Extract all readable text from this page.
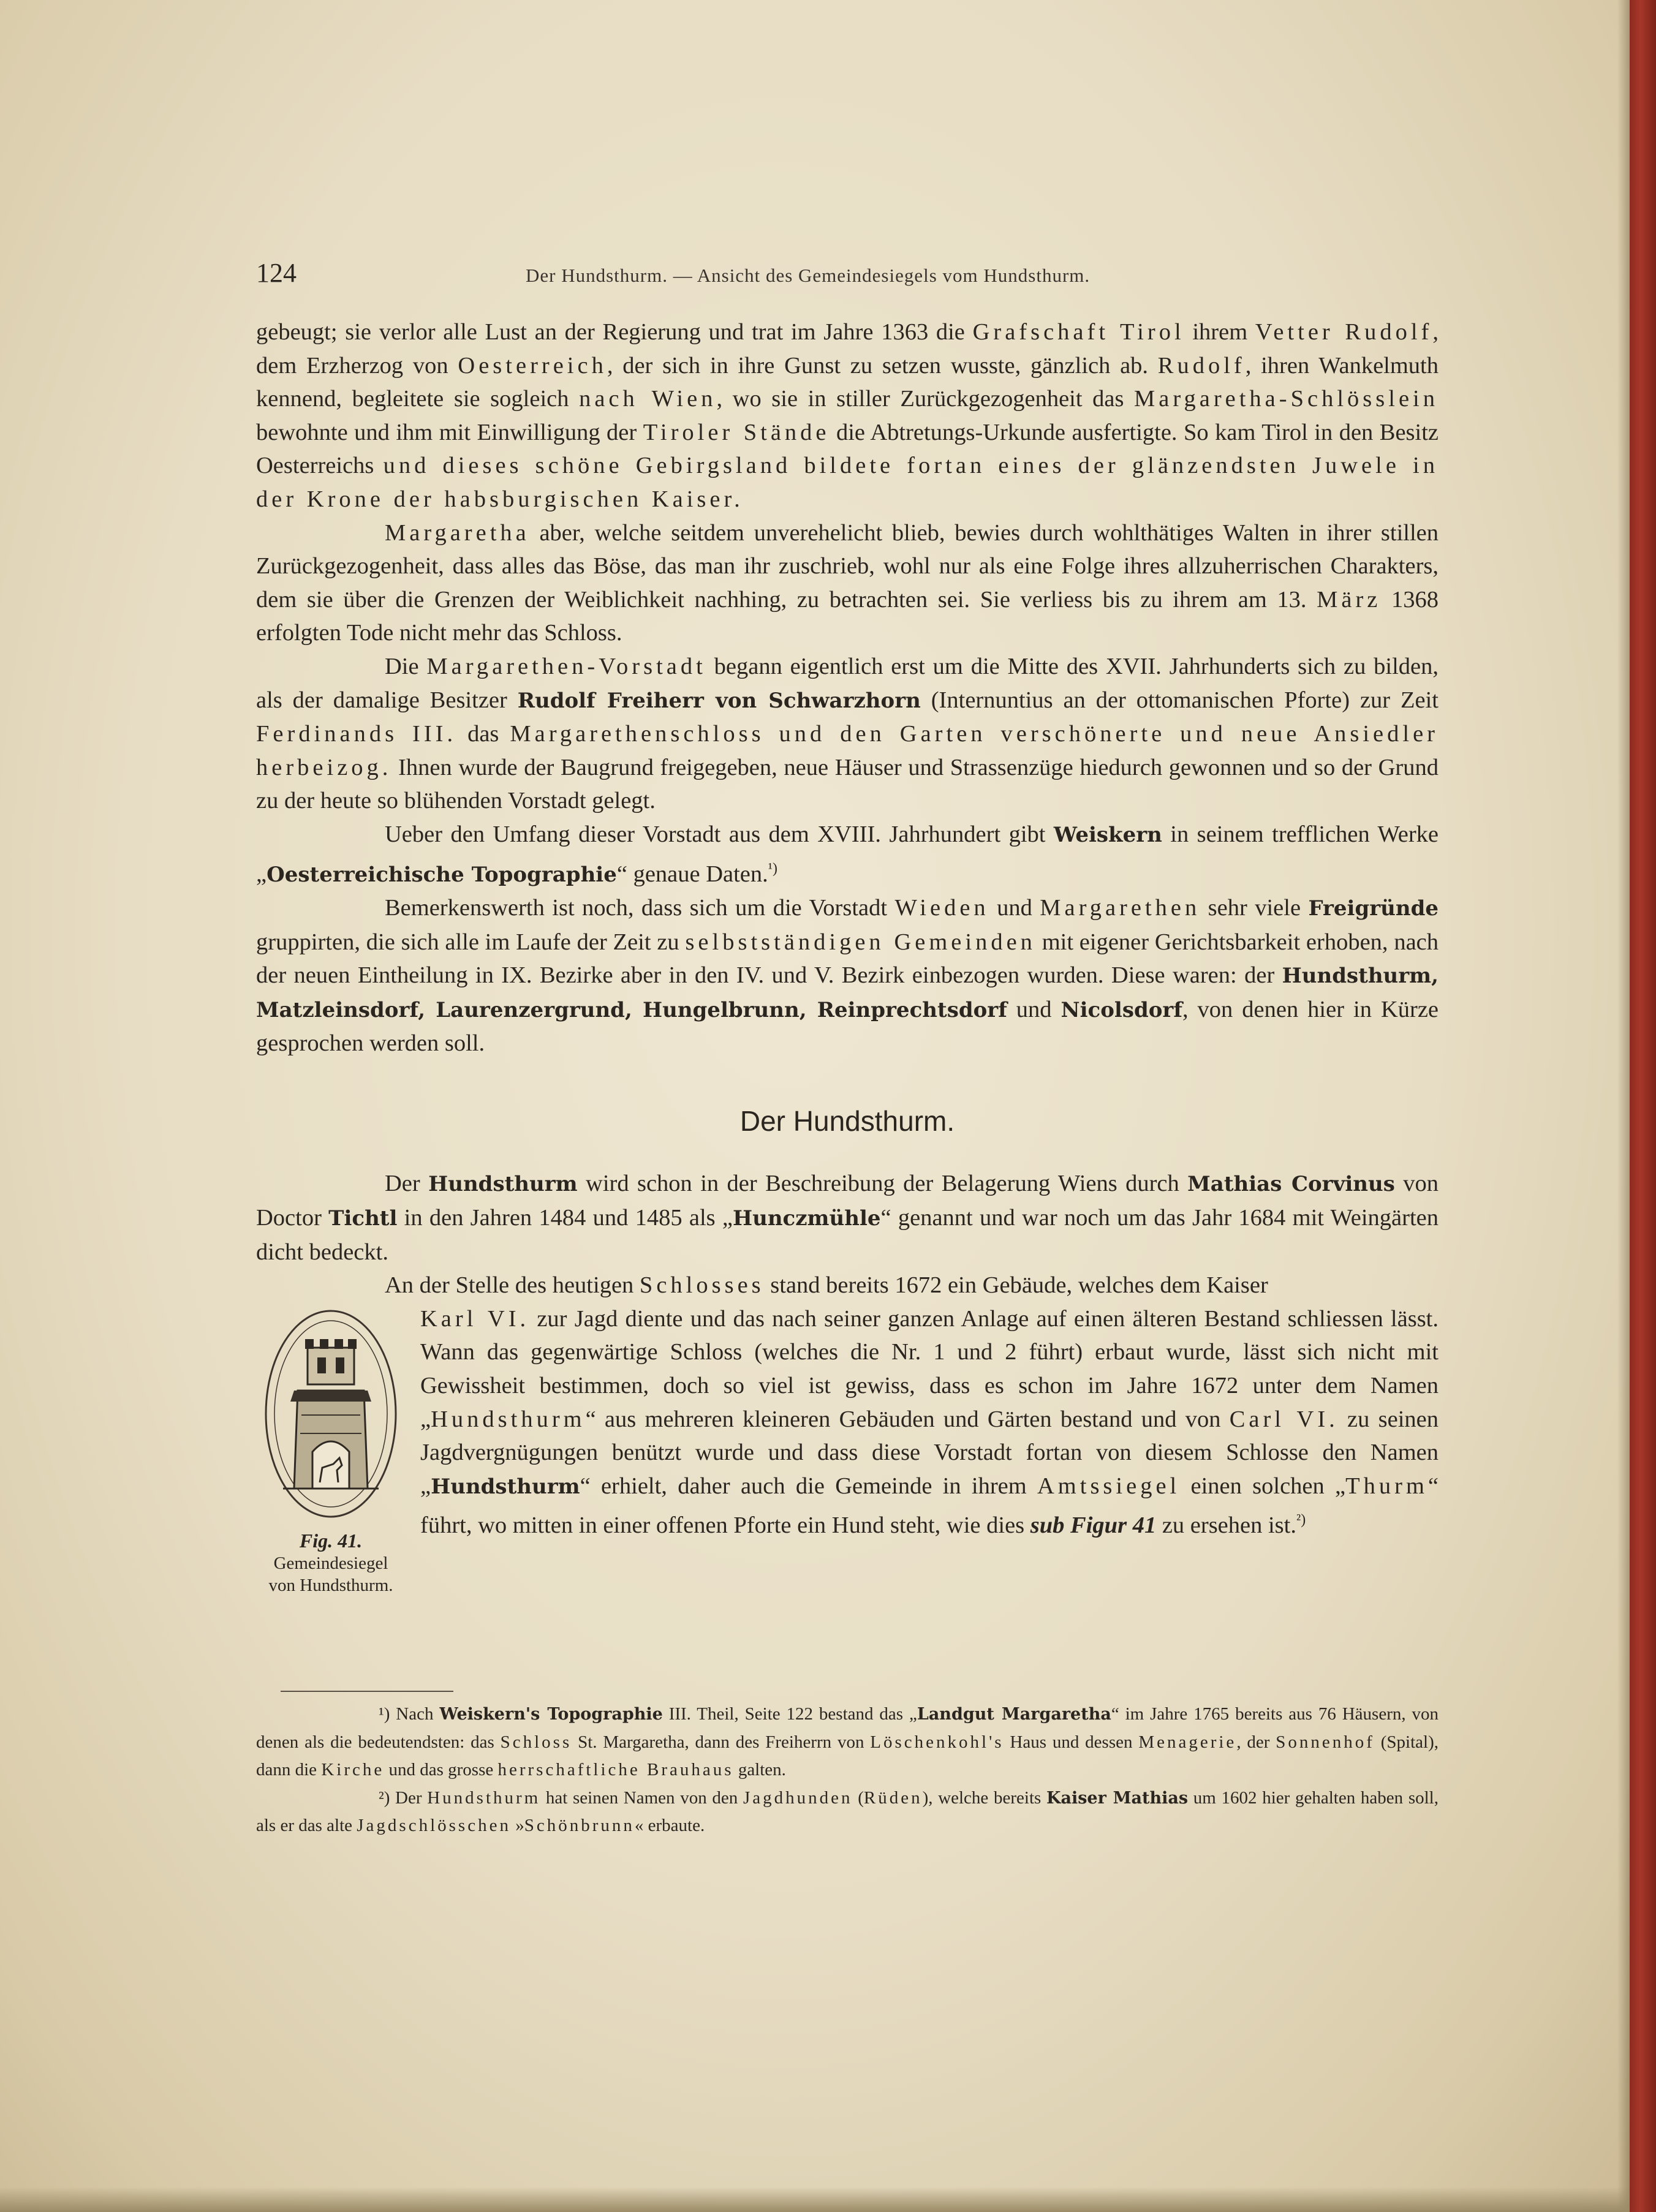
124	Der Hundsthurm. — Ansicht des Gemeindesiegels vom Hundsthurm.

gebeugt; sie verlor alle Lust an der Regierung und trat im Jahre 1363 die Grafschaft Tirol ihrem Vetter Rudolf, dem Erzherzog von Oesterreich, der sich in ihre Gunst zu setzen wusste, gänzlich ab. Rudolf, ihren Wankelmuth kennend, begleitete sie sogleich nach Wien, wo sie in stiller Zurückgezogenheit das Margaretha-Schlösslein bewohnte und ihm mit Einwilligung der Tiroler Stände die Abtretungs-Urkunde ausfertigte. So kam Tirol in den Besitz Oesterreichs und dieses schöne Gebirgsland bildete fortan eines der glänzendsten Juwele in der Krone der habsburgischen Kaiser.

Margaretha aber, welche seitdem unverehelicht blieb, bewies durch wohlthätiges Walten in ihrer stillen Zurückgezogenheit, dass alles das Böse, das man ihr zuschrieb, wohl nur als eine Folge ihres allzuherrischen Charakters, dem sie über die Grenzen der Weiblichkeit nachhing, zu betrachten sei. Sie verliess bis zu ihrem am 13. März 1368 erfolgten Tode nicht mehr das Schloss.

Die Margarethen-Vorstadt begann eigentlich erst um die Mitte des XVII. Jahrhunderts sich zu bilden, als der damalige Besitzer Rudolf Freiherr von Schwarzhorn (Internuntius an der ottomanischen Pforte) zur Zeit Ferdinands III. das Margarethenschloss und den Garten verschönerte und neue Ansiedler herbeizog. Ihnen wurde der Baugrund freigegeben, neue Häuser und Strassenzüge hiedurch gewonnen und so der Grund zu der heute so blühenden Vorstadt gelegt.

Ueber den Umfang dieser Vorstadt aus dem XVIII. Jahrhundert gibt Weiskern in seinem trefflichen Werke „Oesterreichische Topographie“ genaue Daten.$^{^1)}$

Bemerkenswerth ist noch, dass sich um die Vorstadt Wieden und Margarethen sehr viele Freigründe gruppirten, die sich alle im Laufe der Zeit zu selbstständigen Gemeinden mit eigener Gerichtsbarkeit erhoben, nach der neuen Eintheilung in IX. Bezirke aber in den IV. und V. Bezirk einbezogen wurden. Diese waren: der Hundsthurm, Matzleinsdorf, Laurenzergrund, Hungelbrunn, Reinprechtsdorf und Nicolsdorf, von denen hier in Kürze gesprochen werden soll.

Der Hundsthurm.

Der Hundsthurm wird schon in der Beschreibung der Belagerung Wiens durch Mathias Corvinus von Doctor Tichtl in den Jahren 1484 und 1485 als „Hunczmühle“ genannt und war noch um das Jahr 1684 mit Weingärten dicht bedeckt.

An der Stelle des heutigen Schlosses stand bereits 1672 ein Gebäude, welches dem Kaiser

Fig. 41.
Gemeindesiegel
von Hundsthurm.
Karl VI. zur Jagd diente und das nach seiner ganzen Anlage auf einen älteren Bestand schliessen lässt. Wann das gegenwärtige Schloss (welches die Nr. 1 und 2 führt) erbaut wurde, lässt sich nicht mit Gewissheit bestimmen, doch so viel ist gewiss, dass es schon im Jahre 1672 unter dem Namen „Hundsthurm“ aus mehreren kleineren Gebäuden und Gärten bestand und von Carl VI. zu seinen Jagdvergnügungen benützt wurde und dass diese Vorstadt fortan von diesem Schlosse den Namen „Hundsthurm“ erhielt, daher auch die Gemeinde in ihrem Amtssiegel einen solchen „Thurm“ führt, wo mitten in einer offenen Pforte ein Hund steht, wie dies sub Figur 41 zu ersehen ist.$^{^2)}$

¹) Nach Weiskern's Topographie III. Theil, Seite 122 bestand das „Landgut Margaretha“ im Jahre 1765 bereits aus 76 Häusern, von denen als die bedeutendsten: das Schloss St. Margaretha, dann des Freiherrn von Löschenkohl's Haus und dessen Menagerie, der Sonnenhof (Spital), dann die Kirche und das grosse herrschaftliche Brauhaus galten.

²) Der Hundsthurm hat seinen Namen von den Jagdhunden (Rüden), welche bereits Kaiser Mathias um 1602 hier gehalten haben soll, als er das alte Jagdschlösschen »Schönbrunn« erbaute.
